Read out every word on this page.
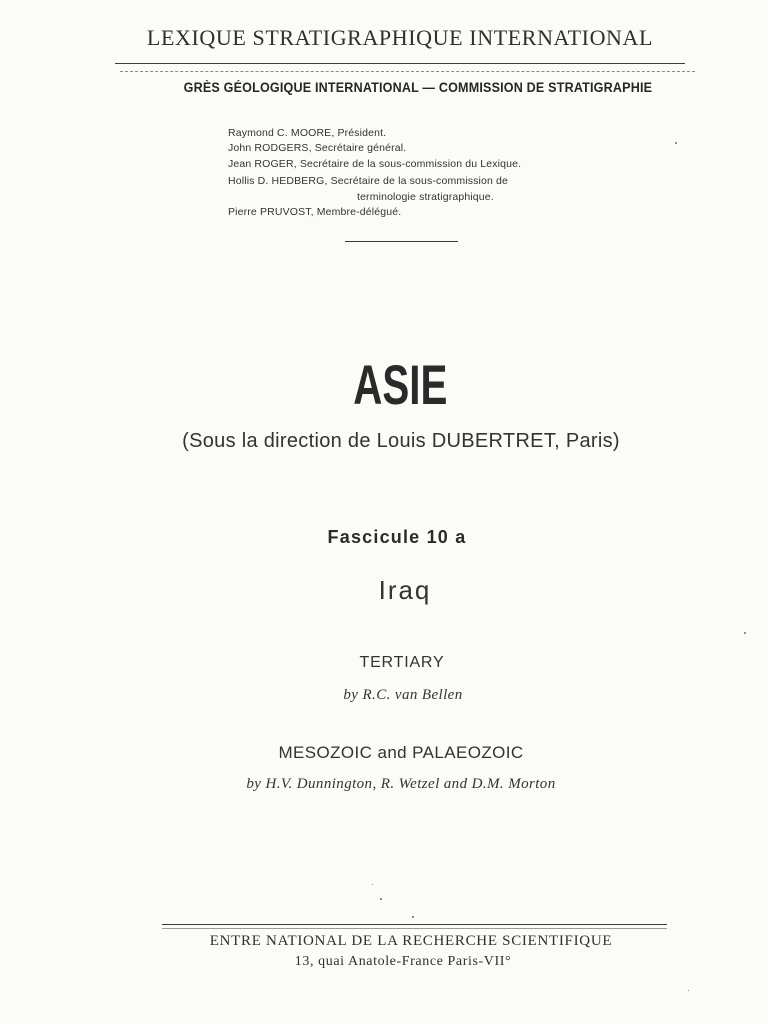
LEXIQUE STRATIGRAPHIQUE INTERNATIONAL
GRÈS GÉOLOGIQUE INTERNATIONAL — COMMISSION DE STRATIGRAPHIE
Raymond C. MOORE, Président.
John RODGERS, Secrétaire général.
Jean ROGER, Secrétaire de la sous-commission du Lexique.
Hollis D. HEDBERG, Secrétaire de la sous-commission de
terminologie stratigraphique.
Pierre PRUVOST, Membre-délégué.
ASIE
(Sous la direction de Louis DUBERTRET, Paris)
Fascicule 10 a
Iraq
TERTIARY
by R.C. van Bellen
MESOZOIC and PALAEOZOIC
by H.V. Dunnington, R. Wetzel and D.M. Morton
ENTRE NATIONAL DE LA RECHERCHE SCIENTIFIQUE
13, quai Anatole-France Paris-VII°
